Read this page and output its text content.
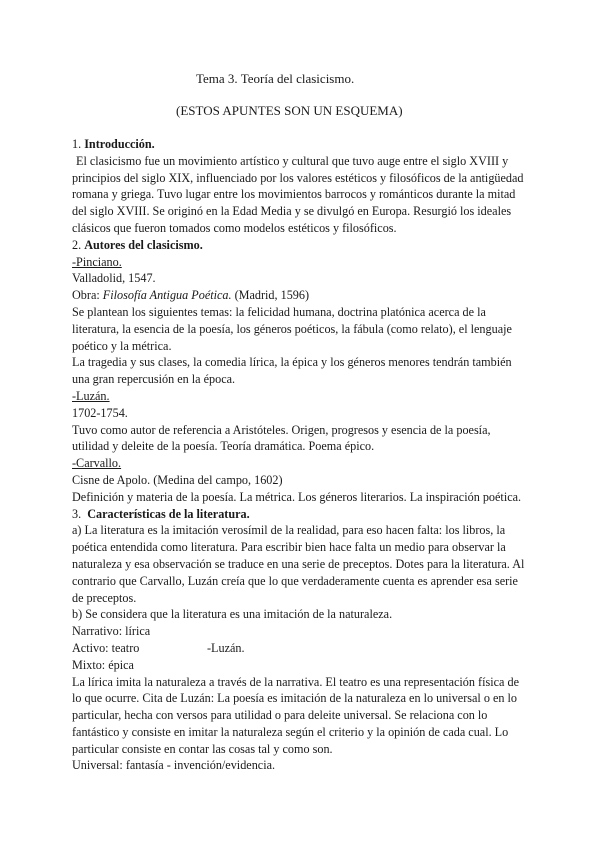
Tema 3. Teoría del clasicismo.
(ESTOS APUNTES SON UN ESQUEMA)
1. Introducción.
El clasicismo fue un movimiento artístico y cultural que tuvo auge entre el siglo XVIII y
principios del siglo XIX, influenciado por los valores estéticos y filosóficos de la antigüedad
romana y griega. Tuvo lugar entre los movimientos barrocos y románticos durante la mitad
del siglo XVIII. Se originó en la Edad Media y se divulgó en Europa. Resurgió los ideales
clásicos que fueron tomados como modelos estéticos y filosóficos.
2. Autores del clasicismo.
-Pinciano.
Valladolid, 1547.
Obra: Filosofía Antigua Poética. (Madrid, 1596)
Se plantean los siguientes temas: la felicidad humana, doctrina platónica acerca de la
literatura, la esencia de la poesía, los géneros poéticos, la fábula (como relato), el lenguaje
poético y la métrica.
La tragedia y sus clases, la comedia lírica, la épica y los géneros menores tendrán también
una gran repercusión en la época.
-Luzán.
1702-1754.
Tuvo como autor de referencia a Aristóteles. Origen, progresos y esencia de la poesía,
utilidad y deleite de la poesía. Teoría dramática. Poema épico.
-Carvallo.
Cisne de Apolo. (Medina del campo, 1602)
Definición y materia de la poesía. La métrica. Los géneros literarios. La inspiración poética.
3. Características de la literatura.
a) La literatura es la imitación verosímil de la realidad, para eso hacen falta: los libros, la
poética entendida como literatura. Para escribir bien hace falta un medio para observar la
naturaleza y esa observación se traduce en una serie de preceptos. Dotes para la literatura. Al
contrario que Carvallo, Luzán creía que lo que verdaderamente cuenta es aprender esa serie
de preceptos.
b) Se considera que la literatura es una imitación de la naturaleza.
Narrativo: lírica
Activo: teatro	-Luzán.
Mixto: épica
La lírica imita la naturaleza a través de la narrativa. El teatro es una representación física de
lo que ocurre. Cita de Luzán: La poesía es imitación de la naturaleza en lo universal o en lo
particular, hecha con versos para utilidad o para deleite universal. Se relaciona con lo
fantástico y consiste en imitar la naturaleza según el criterio y la opinión de cada cual. Lo
particular consiste en contar las cosas tal y como son.
Universal: fantasía - invención/evidencia.
